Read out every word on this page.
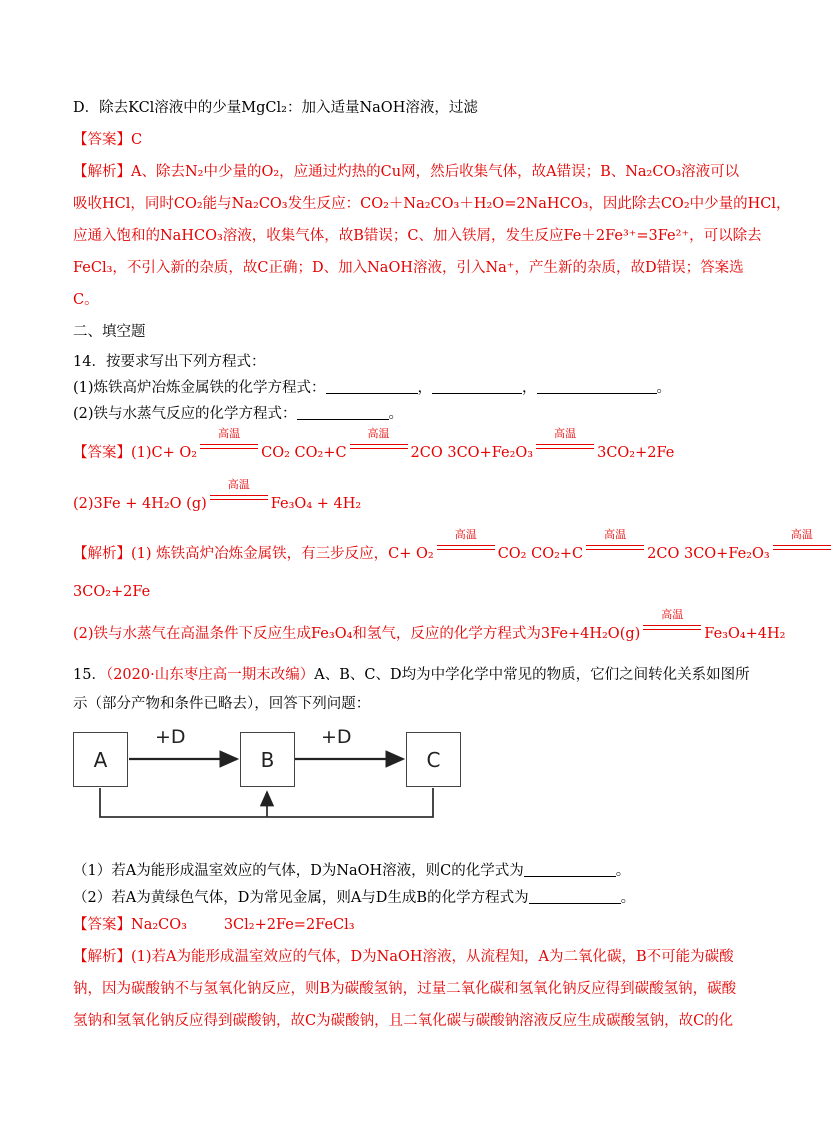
D．除去KCl溶液中的少量MgCl₂：加入适量NaOH溶液，过滤
【答案】C
【解析】A、除去N₂中少量的O₂，应通过灼热的Cu网，然后收集气体，故A错误；B、Na₂CO₃溶液可以
吸收HCl，同时CO₂能与Na₂CO₃发生反应：CO₂＋Na₂CO₃＋H₂O=2NaHCO₃，因此除去CO₂中少量的HCl，
应通入饱和的NaHCO₃溶液，收集气体，故B错误；C、加入铁屑，发生反应Fe＋2Fe³⁺=3Fe²⁺，可以除去
FeCl₃，不引入新的杂质，故C正确；D、加入NaOH溶液，引入Na⁺，产生新的杂质，故D错误；答案选
C。
二、填空题
14．按要求写出下列方程式：
(1)炼铁高炉冶炼金属铁的化学方程式：	，	，	。
(2)铁与水蒸气反应的化学方程式：	。
【答案】(1)C+ O₂
高温
CO₂ CO₂+C
高温
2CO 3CO+Fe₂O₃
高温
3CO₂+2Fe
(2)3Fe + 4H₂O (g)
高温
Fe₃O₄ + 4H₂
【解析】(1) 炼铁高炉冶炼金属铁，有三步反应，C+ O₂
高温
CO₂ CO₂+C
高温
2CO 3CO+Fe₂O₃
高温
3CO₂+2Fe
(2)铁与水蒸气在高温条件下反应生成Fe₃O₄和氢气，反应的化学方程式为3Fe+4H₂O(g)
高温
Fe₃O₄+4H₂
15．（2020·山东枣庄高一期末改编）A、B、C、D均为中学化学中常见的物质，它们之间转化关系如图所
示（部分产物和条件已略去），回答下列问题：
A	B	C
+D	+D
（1）若A为能形成温室效应的气体，D为NaOH溶液，则C的化学式为	。
（2）若A为黄绿色气体，D为常见金属，则A与D生成B的化学方程式为	。
【答案】Na₂CO₃        3Cl₂+2Fe=2FeCl₃
【解析】(1)若A为能形成温室效应的气体，D为NaOH溶液，从流程知，A为二氧化碳，B不可能为碳酸
钠，因为碳酸钠不与氢氧化钠反应，则B为碳酸氢钠，过量二氧化碳和氢氧化钠反应得到碳酸氢钠，碳酸
氢钠和氢氧化钠反应得到碳酸钠，故C为碳酸钠，且二氧化碳与碳酸钠溶液反应生成碳酸氢钠，故C的化
